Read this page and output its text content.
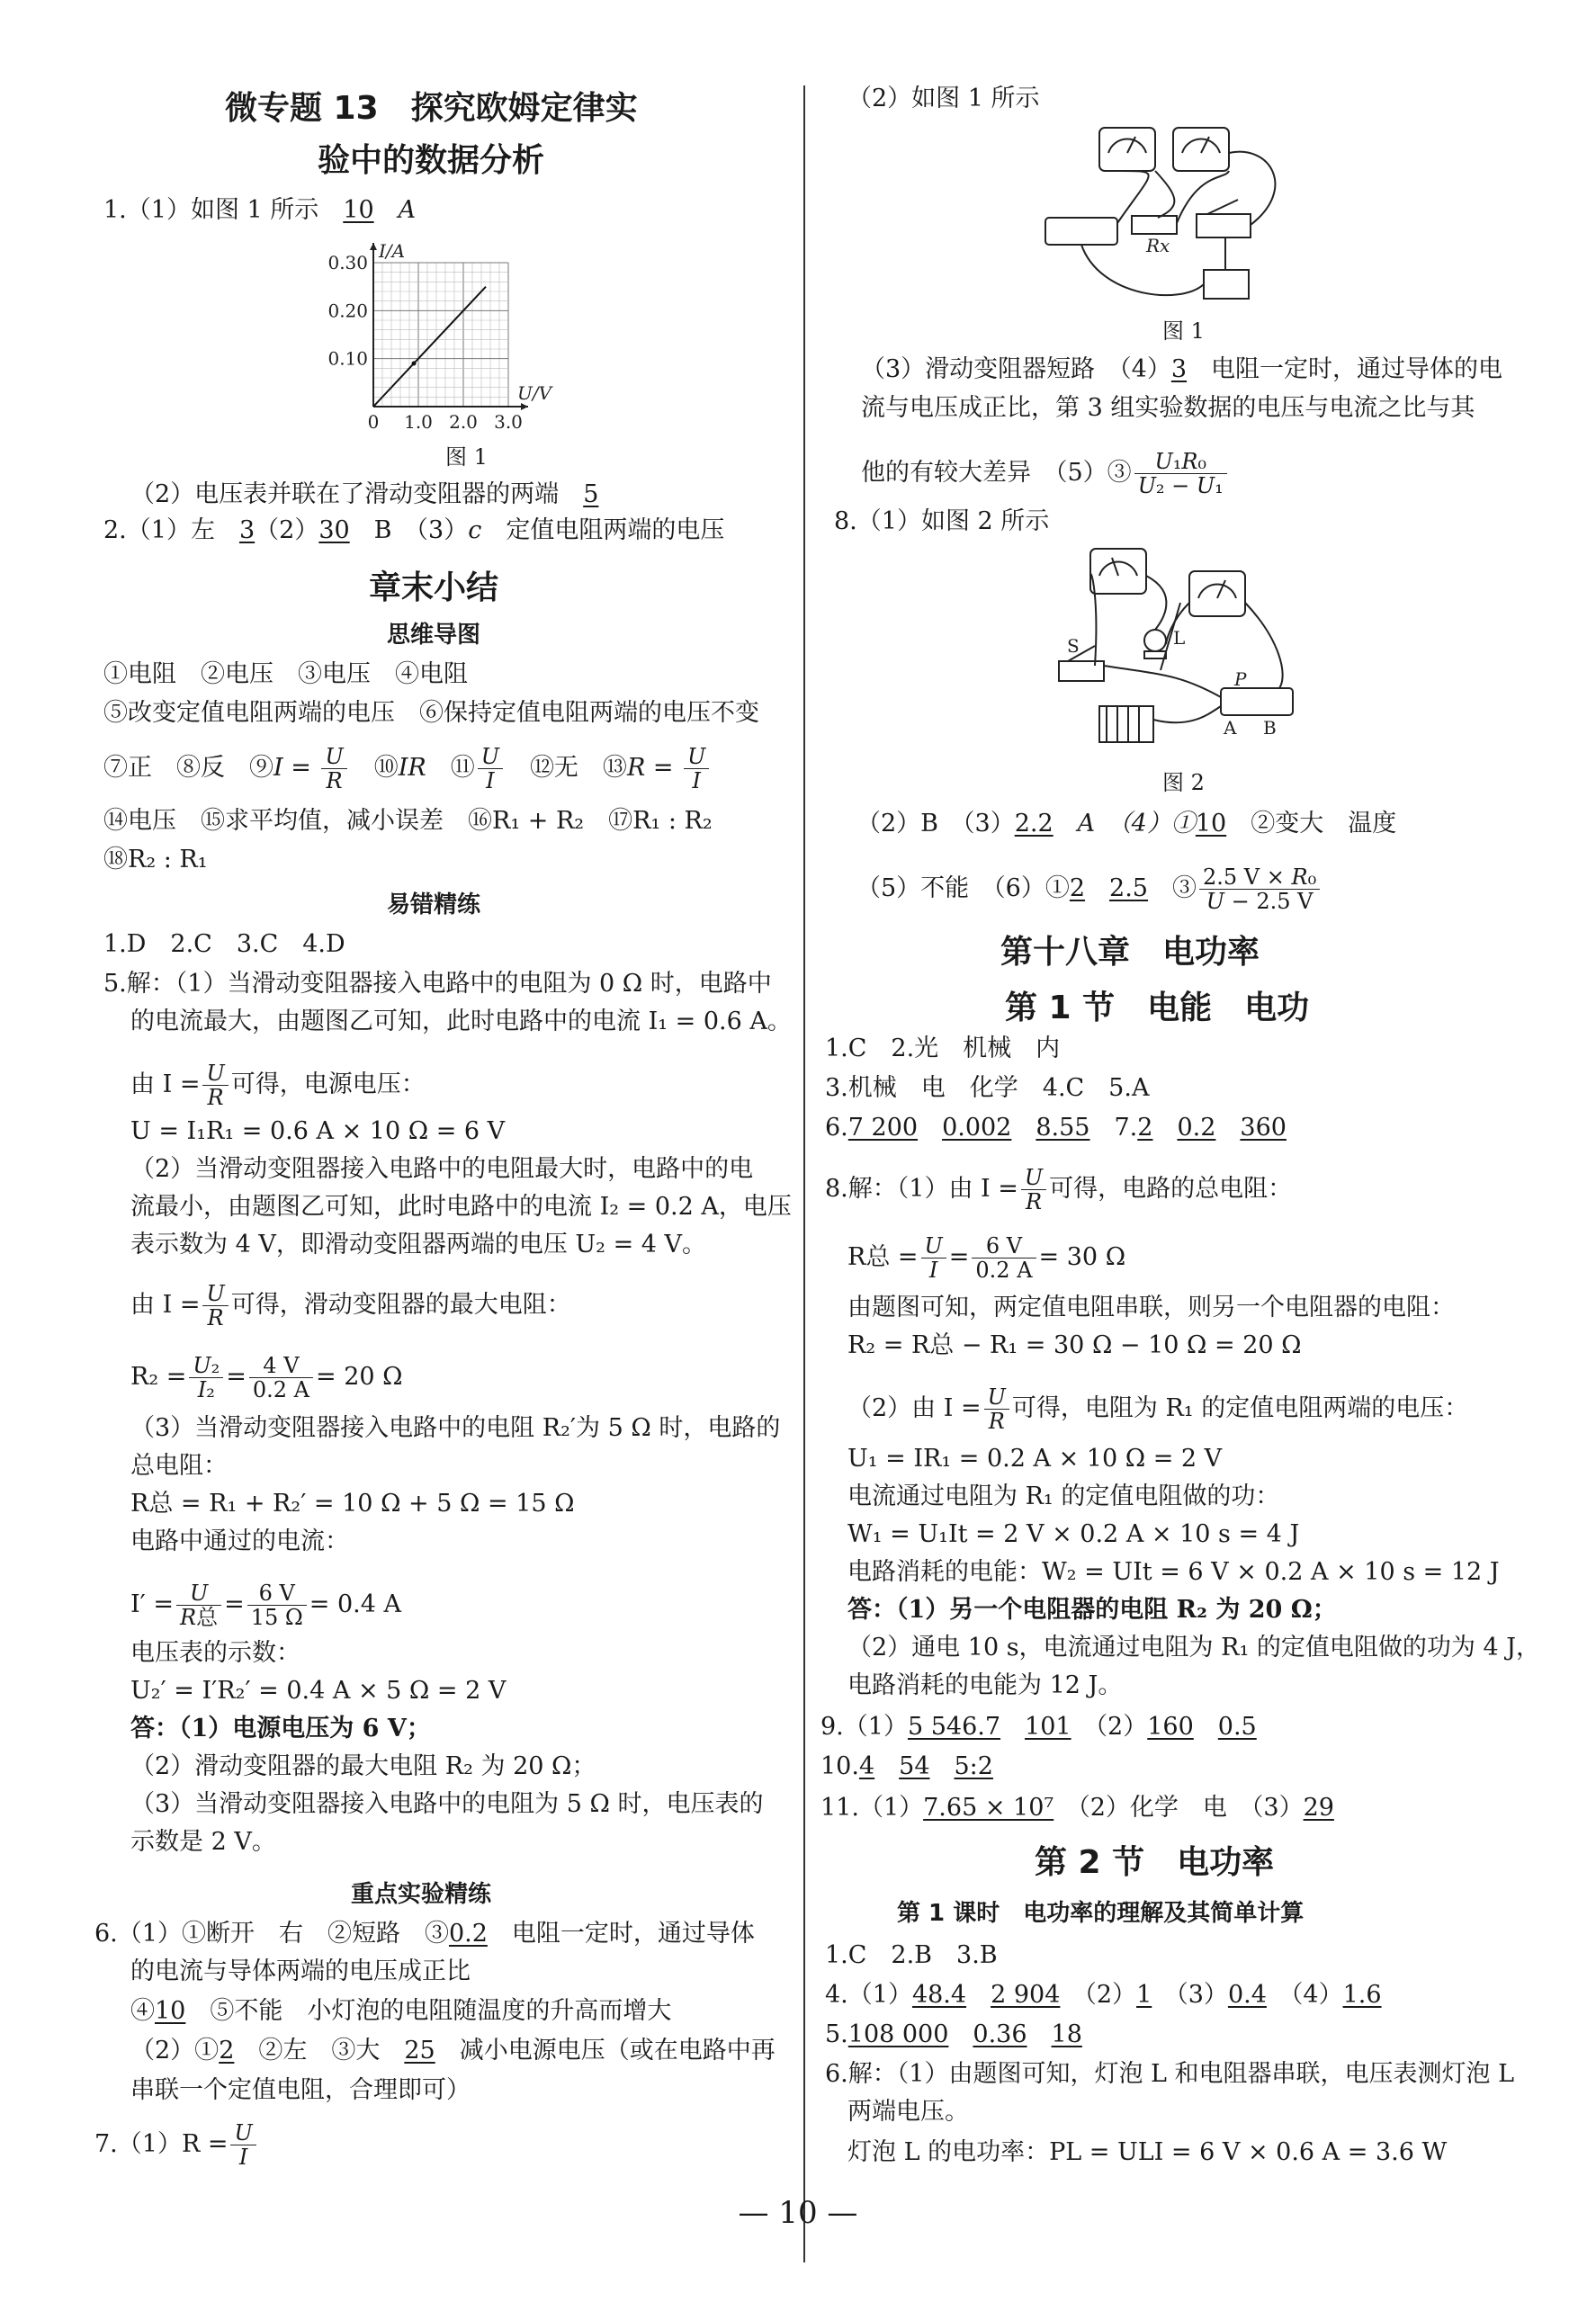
微专题 13　探究欧姆定律实
验中的数据分析
1.（1）如图 1 所示　10　 A
0 1.0 2.0 3.0
0.10
0.20
0.30
I/A
U/V
图 1
（2）电压表并联在了滑动变阻器的两端　5
2.（1）左　3（2）30　B　（3）c　定值电阻两端的电压
章末小结
思维导图
①电阻　②电压　③电压　④电阻
⑤改变定值电阻两端的电压　⑥保持定值电阻两端的电压不变
⑦正　⑧反　⑨I = $\frac{U}{R}$
　 ⑩IR　 ⑪ $\frac{U}{I}$
　 ⑫无　⑬R = $\frac{U}{I}$
⑭电压　⑮求平均值，减小误差　⑯R₁ + R₂　⑰R₁ : R₂
⑱R₂ : R₁
易错精练
1.D　2.C　3.C　4.D
5.解：（1）当滑动变阻器接入电路中的电阻为 0 Ω 时，电路中
的电流最大，由题图乙可知，此时电路中的电流 I₁ = 0.6 A。
由 $I = \frac{U}{R}$ 可得，电源电压：
U = I₁R₁ = 0.6 A × 10 Ω = 6 V
（2）当滑动变阻器接入电路中的电阻最大时，电路中的电
流最小，由题图乙可知，此时电路中的电流 I₂ = 0.2 A，电压
表示数为 4 V，即滑动变阻器两端的电压 U₂ = 4 V。
由 $I = \frac{U}{R}$ 可得，滑动变阻器的最大电阻：
$R_2 = \frac{\text{U₂}}{\text{I₂}} = \frac{4 V}{0.2 A} = 20$ Ω
（3）当滑动变阻器接入电路中的电阻 R₂′为 5 Ω 时，电路的
总电阻：
R总 = R₁ + R₂′ = 10 Ω + 5 Ω = 15 Ω
电路中通过的电流：
$I' = \frac{U}{\text{R总}} = \frac{6 V}{15 \Omega} = 0.4$ A
电压表的示数：
U₂′ = I′R₂′ = 0.4 A × 5 Ω = 2 V
答：（1）电源电压为 6 V；
（2）滑动变阻器的最大电阻 R₂ 为 20 Ω；
（3）当滑动变阻器接入电路中的电阻为 5 Ω 时，电压表的
示数是 2 V。
重点实验精练
6.（1）①断开　右　②短路　③0.2　电阻一定时，通过导体
的电流与导体两端的电压成正比
④10　⑤不能　小灯泡的电阻随温度的升高而增大
（2）①2　②左　③大　25　减小电源电压（或在电路中再
串联一个定值电阻，合理即可）
$7.(1)R = \frac{U}{I}$
（2）如图 1 所示
Rx
图 1
（3）滑动变阻器短路　（4）3　电阻一定时，通过导体的电
流与电压成正比，第 3 组实验数据的电压与电流之比与其
他的有较大差异　（5）③ $\frac{\text{U₁R₀}}{\text{U₂ − U₁}}$
8.（1）如图 2 所示
S	L
P
A B
图 2
（2）B　（3）2.2　A　（4）①10　②变大　温度
（5）不能　（6）①2　 2.5　③ $\frac{\text{2.5 V × R₀}}{U - 2.5 V}$
第十八章　电功率
第 1 节　电能　电功
1.C　2.光　机械　内
3.机械　电　化学　4.C　5.A
6.7 200　 0.002　 8.55　 7.2　 0.2　 360
8.解：（1）由 $I = \frac{U}{R}$ 可得，电路的总电阻：
R总 = $\frac{U}{I} = \frac{6 V}{0.2 A} = 30$ Ω
由题图可知，两定值电阻串联，则另一个电阻器的电阻：
R₂ = R总 − R₁ = 30 Ω − 10 Ω = 20 Ω
（2）由 $I = \frac{U}{R}$ 可得，电阻为 R₁ 的定值电阻两端的电压：
U₁ = IR₁ = 0.2 A × 10 Ω = 2 V
电流通过电阻为 R₁ 的定值电阻做的功：
W₁ = U₁It = 2 V × 0.2 A × 10 s = 4 J
电路消耗的电能：W₂ = UIt = 6 V × 0.2 A × 10 s = 12 J
答：（1）另一个电阻器的电阻 R₂ 为 20 Ω；
（2）通电 10 s，电流通过电阻为 R₁ 的定值电阻做的功为 4 J，
电路消耗的电能为 12 J。
9.（1）5 546.7　 101　 （2）160　 0.5
10.4　 54　 5:2
11.（1）7.65 × 10⁷　 （2）化学　电　（3）29
第 2 节　电功率
第 1 课时　电功率的理解及其简单计算
1.C　2.B　3.B
4.（1）48.4　 2 904　 （2）1　 （3）0.4　 （4）1.6
5.108 000　 0.36　 18
6.解：（1）由题图可知，灯泡 L 和电阻器串联，电压表测灯泡 L
两端电压。
灯泡 L 的电功率：PL = ULI = 6 V × 0.6 A = 3.6 W
— 10 —
